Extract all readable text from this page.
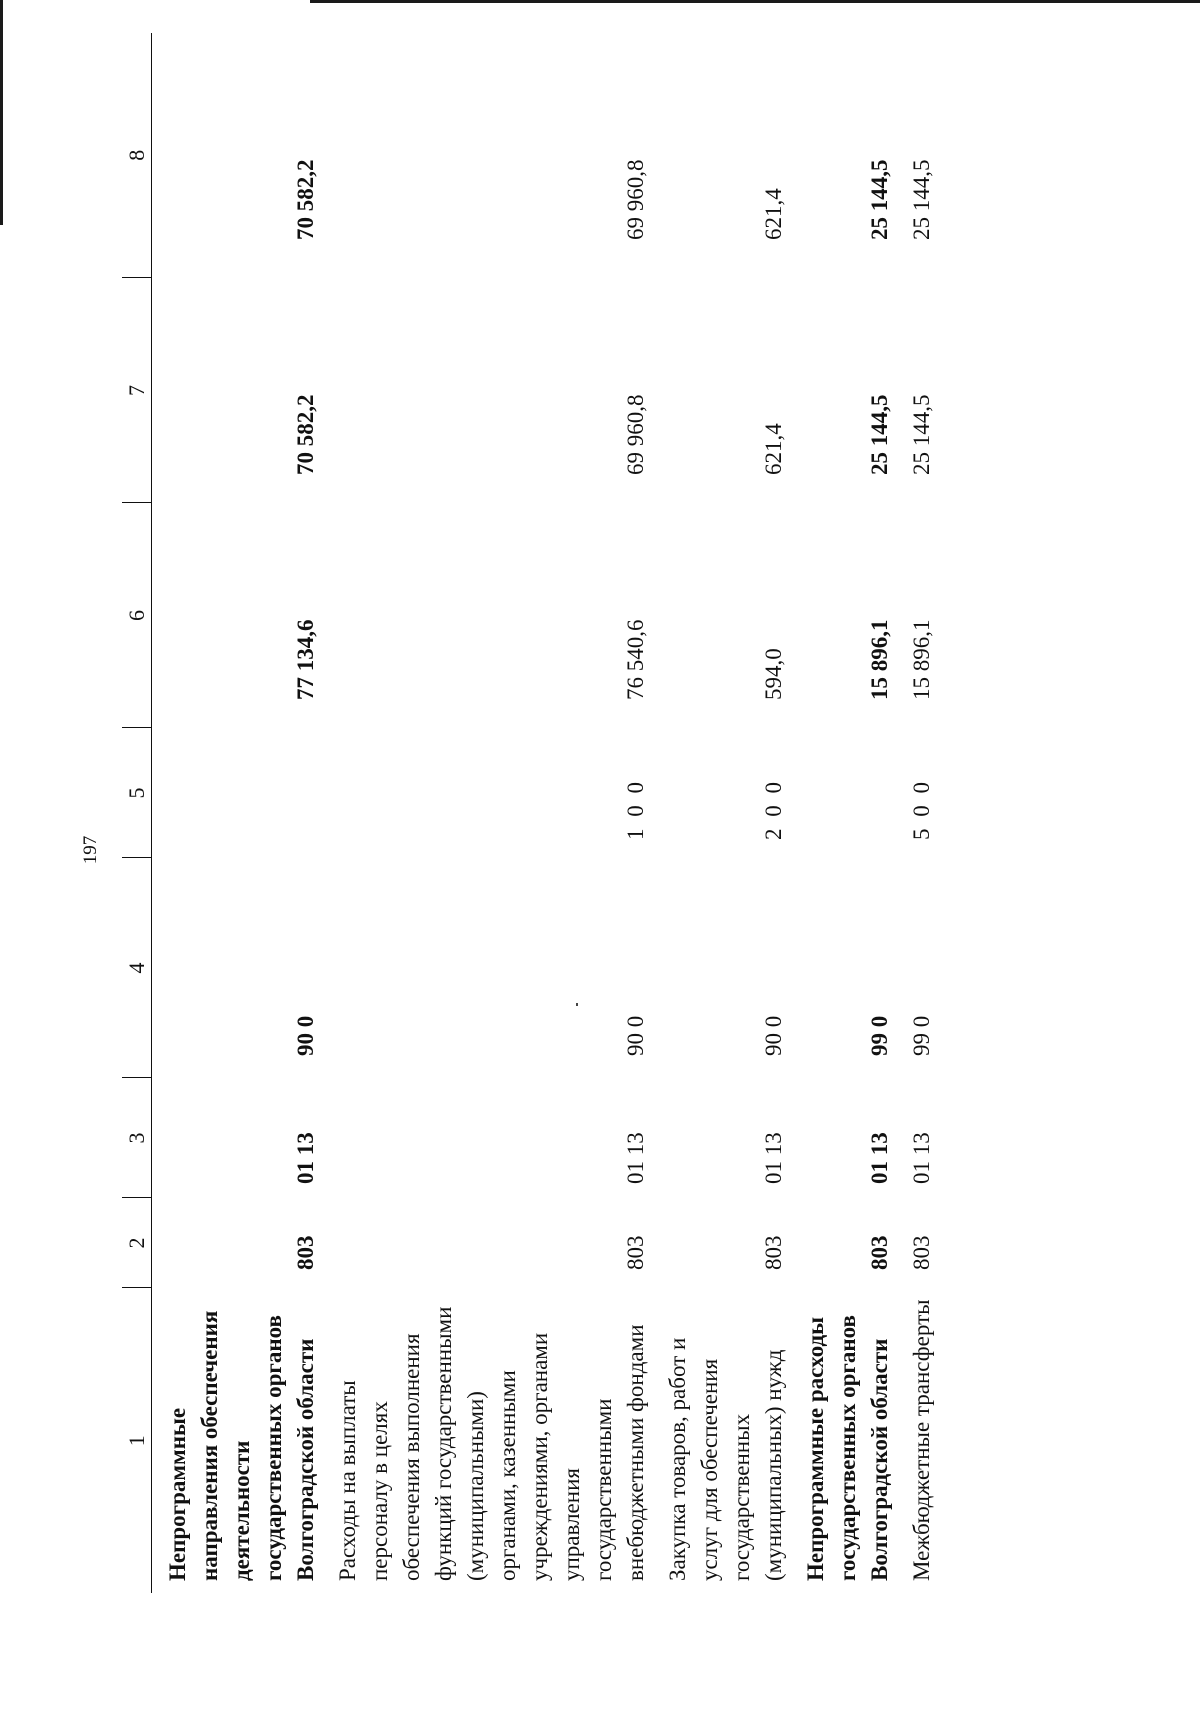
197
1	2	3	4	5	6	7	8

Непрограммные направления обеспечения деятельности государственных органов Волгоградской области	803	01 13	90 0		77 134,6	70 582,2	70 582,2

Расходы на выплаты персоналу в целях обеспечения выполнения функций государственными (муниципальными) органами, казенными учреждениями, органами управления государственными внебюджетными фондами	803	01 13	90 0	1 0 0	76 540,6	69 960,8	69 960,8

Закупка товаров, работ и услуг для обеспечения государственных (муниципальных) нужд	803	01 13	90 0	2 0 0	594,0	621,4	621,4

Непрограммные расходы государственных органов Волгоградской области	803	01 13	99 0		15 896,1	25 144,5	25 144,5

Межбюджетные трансферты	803	01 13	99 0	5 0 0	15 896,1	25 144,5	25 144,5
